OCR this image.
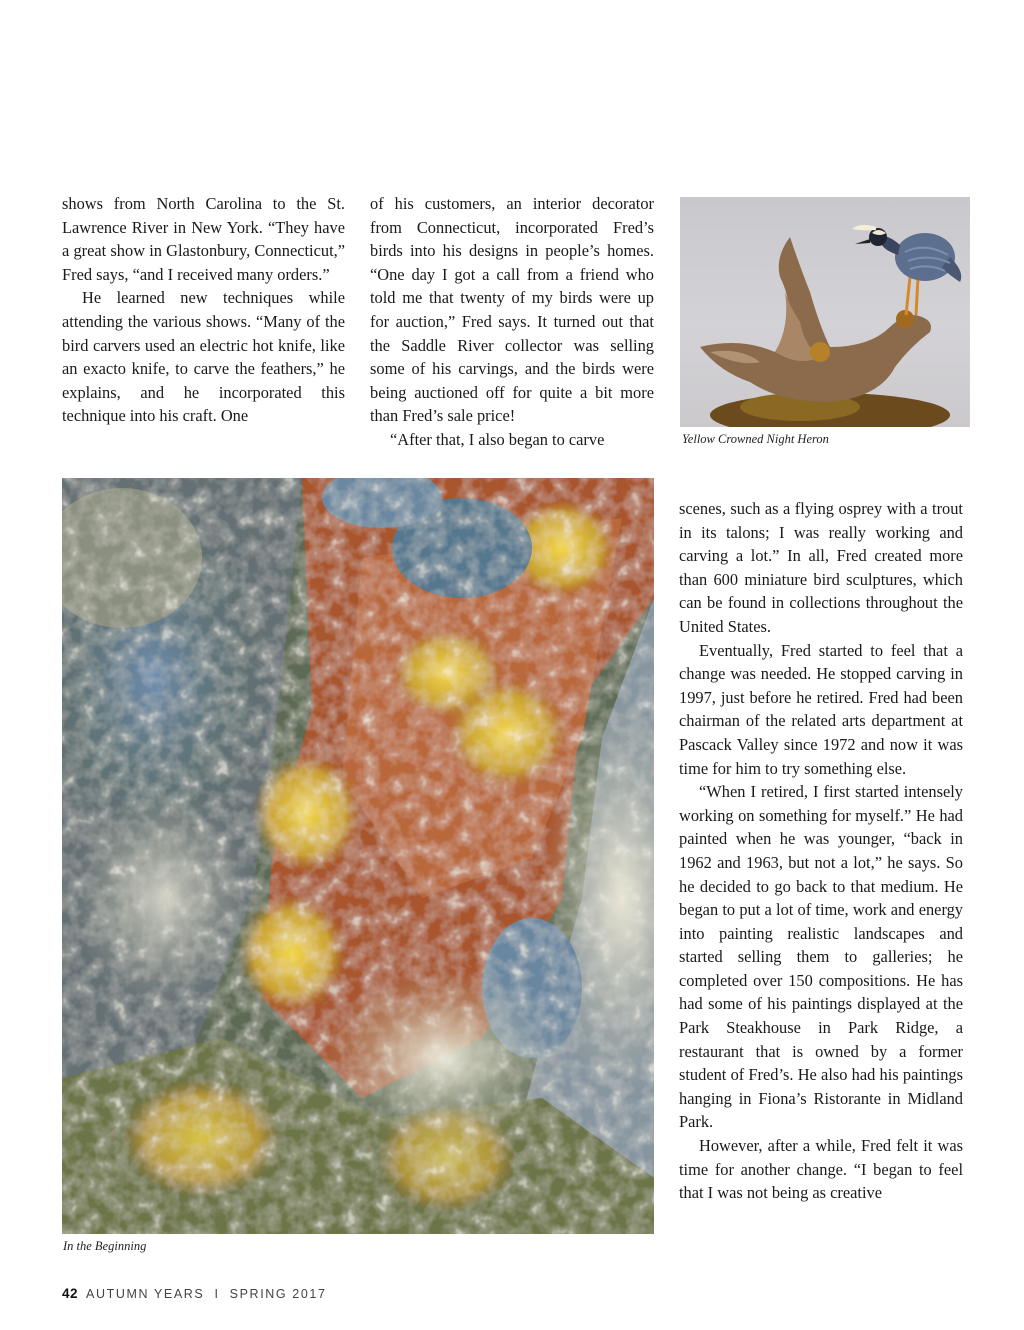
shows from North Carolina to the St. Lawrence River in New York. “They have a great show in Glastonbury, Connecticut,” Fred says, “and I received many orders.”

He learned new techniques while attending the various shows. “Many of the bird carvers used an electric hot knife, like an exacto knife, to carve the feathers,” he explains, and he incorporated this technique into his craft. One

of his customers, an interior decorator from Connecticut, incorporated Fred’s birds into his designs in people’s homes. “One day I got a call from a friend who told me that twenty of my birds were up for auction,” Fred says. It turned out that the Saddle River collector was selling some of his carvings, and the birds were being auctioned off for quite a bit more than Fred’s sale price!

“After that, I also began to carve	Yellow Crowned Night Heron
In the Beginning

scenes, such as a flying osprey with a trout in its talons; I was really working and carving a lot.” In all, Fred created more than 600 miniature bird sculptures, which can be found in collections throughout the United States.

Eventually, Fred started to feel that a change was needed. He stopped carving in 1997, just before he retired. Fred had been chairman of the related arts department at Pascack Valley since 1972 and now it was time for him to try something else.

“When I retired, I first started intensely working on something for myself.” He had painted when he was younger, “back in 1962 and 1963, but not a lot,” he says. So he decided to go back to that medium. He began to put a lot of time, work and energy into painting realistic landscapes and started selling them to galleries; he completed over 150 compositions. He has had some of his paintings displayed at the Park Steakhouse in Park Ridge, a restaurant that is owned by a former student of Fred’s. He also had his paintings hanging in Fiona’s Ristorante in Midland Park.

However, after a while, Fred felt it was time for another change. “I began to feel that I was not being as creative

42 AUTUMN YEARS  I  SPRING 2017
